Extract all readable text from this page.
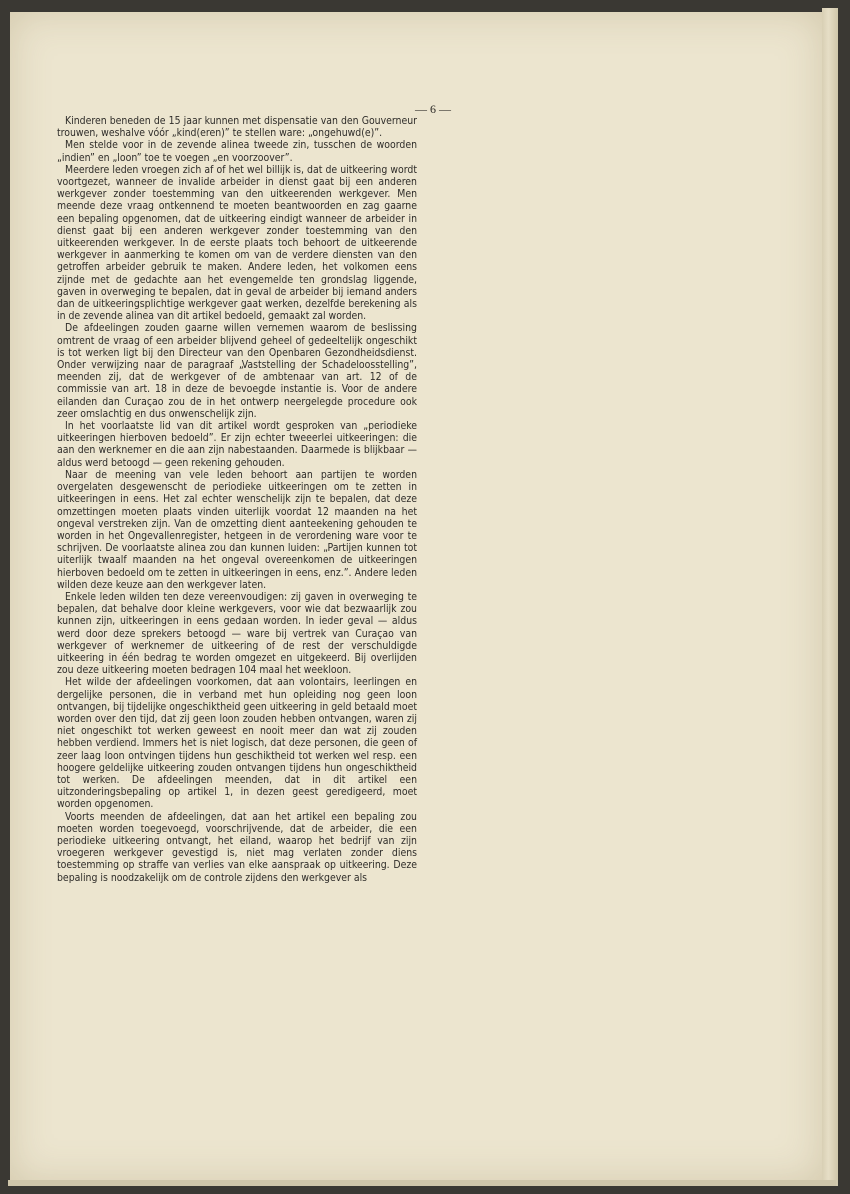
— 6 —

Kinderen beneden de 15 jaar kunnen met dispensatie van den Gouverneur trouwen, weshalve vóór „kind(eren)” te stellen ware: „ongehuwd(e)”.

Men stelde voor in de zevende alinea tweede zin, tusschen de woorden „indien” en „loon” toe te voegen „en voorzoover”.

Meerdere leden vroegen zich af of het wel billijk is, dat de uitkeering wordt voortgezet, wanneer de invalide arbeider in dienst gaat bij een anderen werkgever zonder toestemming van den uitkeerenden werkgever. Men meende deze vraag ontkennend te moeten beantwoorden en zag gaarne een bepaling opgenomen, dat de uitkeering eindigt wanneer de arbeider in dienst gaat bij een anderen werkgever zonder toestemming van den uitkeerenden werkgever. In de eerste plaats toch behoort de uitkeerende werkgever in aanmerking te komen om van de verdere diensten van den getroffen arbeider gebruik te maken. Andere leden, het volkomen eens zijnde met de gedachte aan het evengemelde ten grondslag liggende, gaven in overweging te bepalen, dat in geval de arbeider bij iemand anders dan de uitkeeringsplichtige werkgever gaat werken, dezelfde berekening als in de zevende alinea van dit artikel bedoeld, gemaakt zal worden.

De afdeelingen zouden gaarne willen vernemen waarom de beslissing omtrent de vraag of een arbeider blijvend geheel of gedeeltelijk ongeschikt is tot werken ligt bij den Directeur van den Openbaren Gezondheidsdienst. Onder verwijzing naar de paragraaf „Vaststelling der Schadeloosstelling”, meenden zij, dat de werkgever of de ambtenaar van art. 12 of de commissie van art. 18 in deze de bevoegde instantie is. Voor de andere eilanden dan Curaçao zou de in het ontwerp neergelegde procedure ook zeer omslachtig en dus onwenschelijk zijn.

In het voorlaatste lid van dit artikel wordt gesproken van „periodieke uitkeeringen hierboven bedoeld”. Er zijn echter tweeerlei uitkeeringen: die aan den werknemer en die aan zijn nabestaanden. Daarmede is blijkbaar — aldus werd betoogd — geen rekening gehouden.

Naar de meening van vele leden behoort aan partijen te worden overgelaten desgewenscht de periodieke uitkeeringen om te zetten in uitkeeringen in eens. Het zal echter wenschelijk zijn te bepalen, dat deze omzettingen moeten plaats vinden uiterlijk voordat 12 maanden na het ongeval verstreken zijn. Van de omzetting dient aanteekening gehouden te worden in het Ongevallenregister, hetgeen in de verordening ware voor te schrijven. De voorlaatste alinea zou dan kunnen luiden: „Partijen kunnen tot uiterlijk twaalf maanden na het ongeval overeenkomen de uitkeeringen hierboven bedoeld om te zetten in uitkeeringen in eens, enz.”. Andere leden wilden deze keuze aan den werkgever laten.

Enkele leden wilden ten deze vereenvoudigen: zij gaven in overweging te bepalen, dat behalve door kleine werkgevers, voor wie dat bezwaarlijk zou kunnen zijn, uitkeeringen in eens gedaan worden. In ieder geval — aldus werd door deze sprekers betoogd — ware bij vertrek van Curaçao van werkgever of werknemer de uitkeering of de rest der verschuldigde uitkeering in één bedrag te worden omgezet en uitgekeerd. Bij overlijden zou deze uitkeering moeten bedragen 104 maal het weekloon.

Het wilde der afdeelingen voorkomen, dat aan volontairs, leerlingen en dergelijke personen, die in verband met hun opleiding nog geen loon ontvangen, bij tijdelijke ongeschiktheid geen uitkeering in geld betaald moet worden over den tijd, dat zij geen loon zouden hebben ontvangen, waren zij niet ongeschikt tot werken geweest en nooit meer dan wat zij zouden hebben verdiend. Immers het is niet logisch, dat deze personen, die geen of zeer laag loon ontvingen tijdens hun geschiktheid tot werken wel resp. een hoogere geldelijke uitkeering zouden ontvangen tijdens hun ongeschiktheid tot werken. De afdeelingen meenden, dat in dit artikel een uitzonderingsbepaling op artikel 1, in dezen geest geredigeerd, moet worden opgenomen.

Voorts meenden de afdeelingen, dat aan het artikel een bepaling zou moeten worden toegevoegd, voorschrijvende, dat de arbeider, die een periodieke uitkeering ontvangt, het eiland, waarop het bedrijf van zijn vroegeren werkgever gevestigd is, niet mag verlaten zonder diens toestemming op straffe van verlies van elke aanspraak op uitkeering. Deze bepaling is noodzakelijk om de controle zijdens den werkgever als
